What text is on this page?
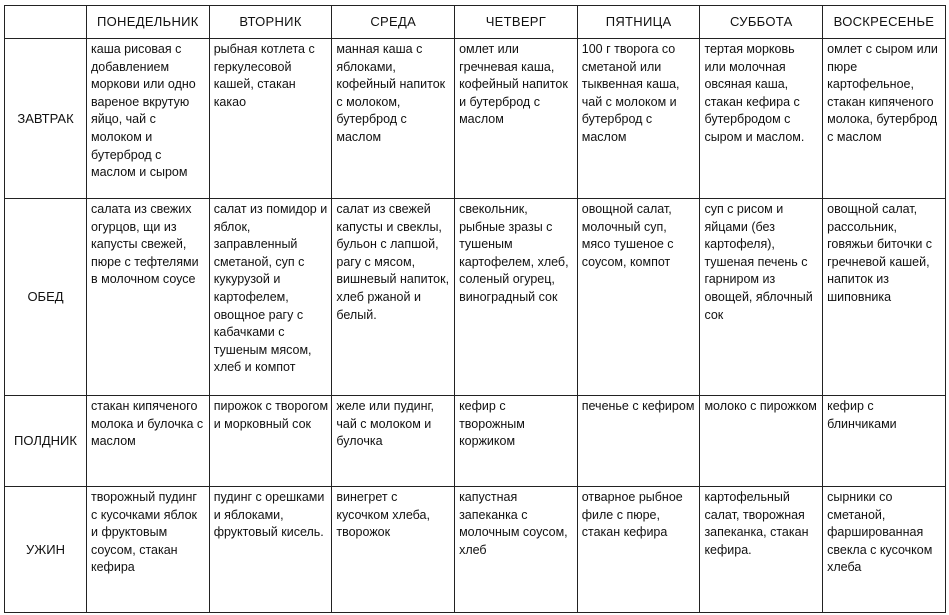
	ПОНЕДЕЛЬНИК	ВТОРНИК	СРЕДА	ЧЕТВЕРГ	ПЯТНИЦА	СУББОТА	ВОСКРЕСЕНЬЕ
ЗАВТРАК	каша рисовая с добавлением моркови или одно вареное вкрутую яйцо, чай с молоком и бутерброд с маслом и сыром	рыбная котлета с геркулесовой кашей, стакан какао	манная каша с яблоками, кофейный напиток с молоком, бутерброд с маслом	омлет или гречневая каша, кофейный напиток и бутерброд с маслом	100 г творога со сметаной или тыквенная каша, чай с молоком и бутерброд с маслом	тертая морковь или молочная овсяная каша, стакан кефира с бутербродом с сыром и маслом.	омлет с сыром или пюре картофельное, стакан кипяченого молока, бутерброд с маслом
ОБЕД	салата из свежих огурцов, щи из капусты свежей, пюре с тефтелями в молочном соусе	салат из помидор и яблок, заправленный сметаной, суп с кукурузой и картофелем, овощное рагу с кабачками с тушеным мясом, хлеб и компот	салат из свежей капусты и свеклы, бульон с лапшой, рагу с мясом, вишневый напиток, хлеб ржаной и белый.	свекольник, рыбные зразы с тушеным картофелем, хлеб, соленый огурец, виноградный сок	овощной салат, молочный суп, мясо тушеное с соусом, компот	суп с рисом и яйцами (без картофеля), тушеная печень с гарниром из овощей, яблочный сок	овощной салат, рассольник, говяжьи биточки с гречневой кашей, напиток из шиповника
ПОЛДНИК	стакан кипяченого молока и булочка с маслом	пирожок с творогом и морковный сок	желе или пудинг, чай с молоком и булочка	кефир с творожным коржиком	печенье с кефиром	молоко с пирожком	кефир с блинчиками
УЖИН	творожный пудинг с кусочками яблок и фруктовым соусом, стакан кефира	пудинг с орешками и яблоками, фруктовый кисель.	винегрет с кусочком хлеба, творожок	капустная запеканка с молочным соусом, хлеб	отварное рыбное филе с пюре, стакан кефира	картофельный салат, творожная запеканка, стакан кефира.	сырники со сметаной, фаршированная свекла с кусочком хлеба
